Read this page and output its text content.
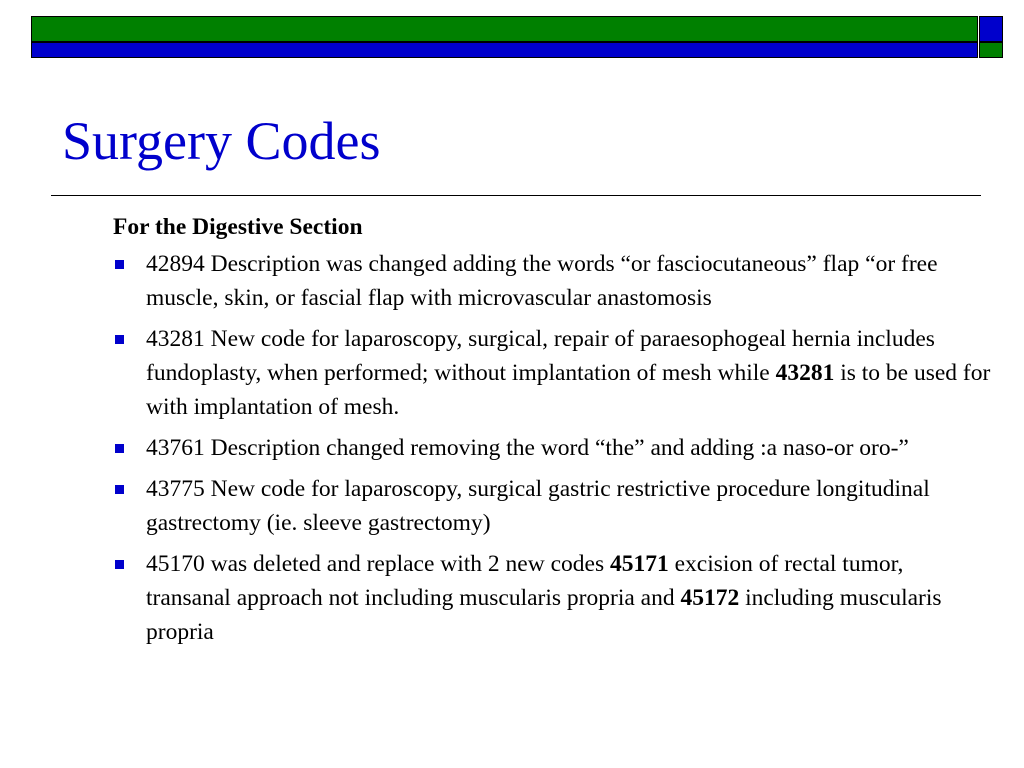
Surgery Codes
For the Digestive Section
42894 Description was changed adding the words “or fasciocutaneous” flap “or free muscle, skin, or fascial flap with microvascular anastomosis
43281 New code for laparoscopy, surgical, repair of paraesophogeal hernia includes fundoplasty, when performed; without implantation of mesh while 43281 is to be used for with implantation of mesh.
43761 Description changed removing the word “the” and adding :a naso-or oro-”
43775 New code for laparoscopy, surgical gastric restrictive procedure longitudinal gastrectomy (ie. sleeve gastrectomy)
45170 was deleted and replace with 2 new codes 45171 excision of rectal tumor, transanal approach not including muscularis propria and 45172 including muscularis propria
